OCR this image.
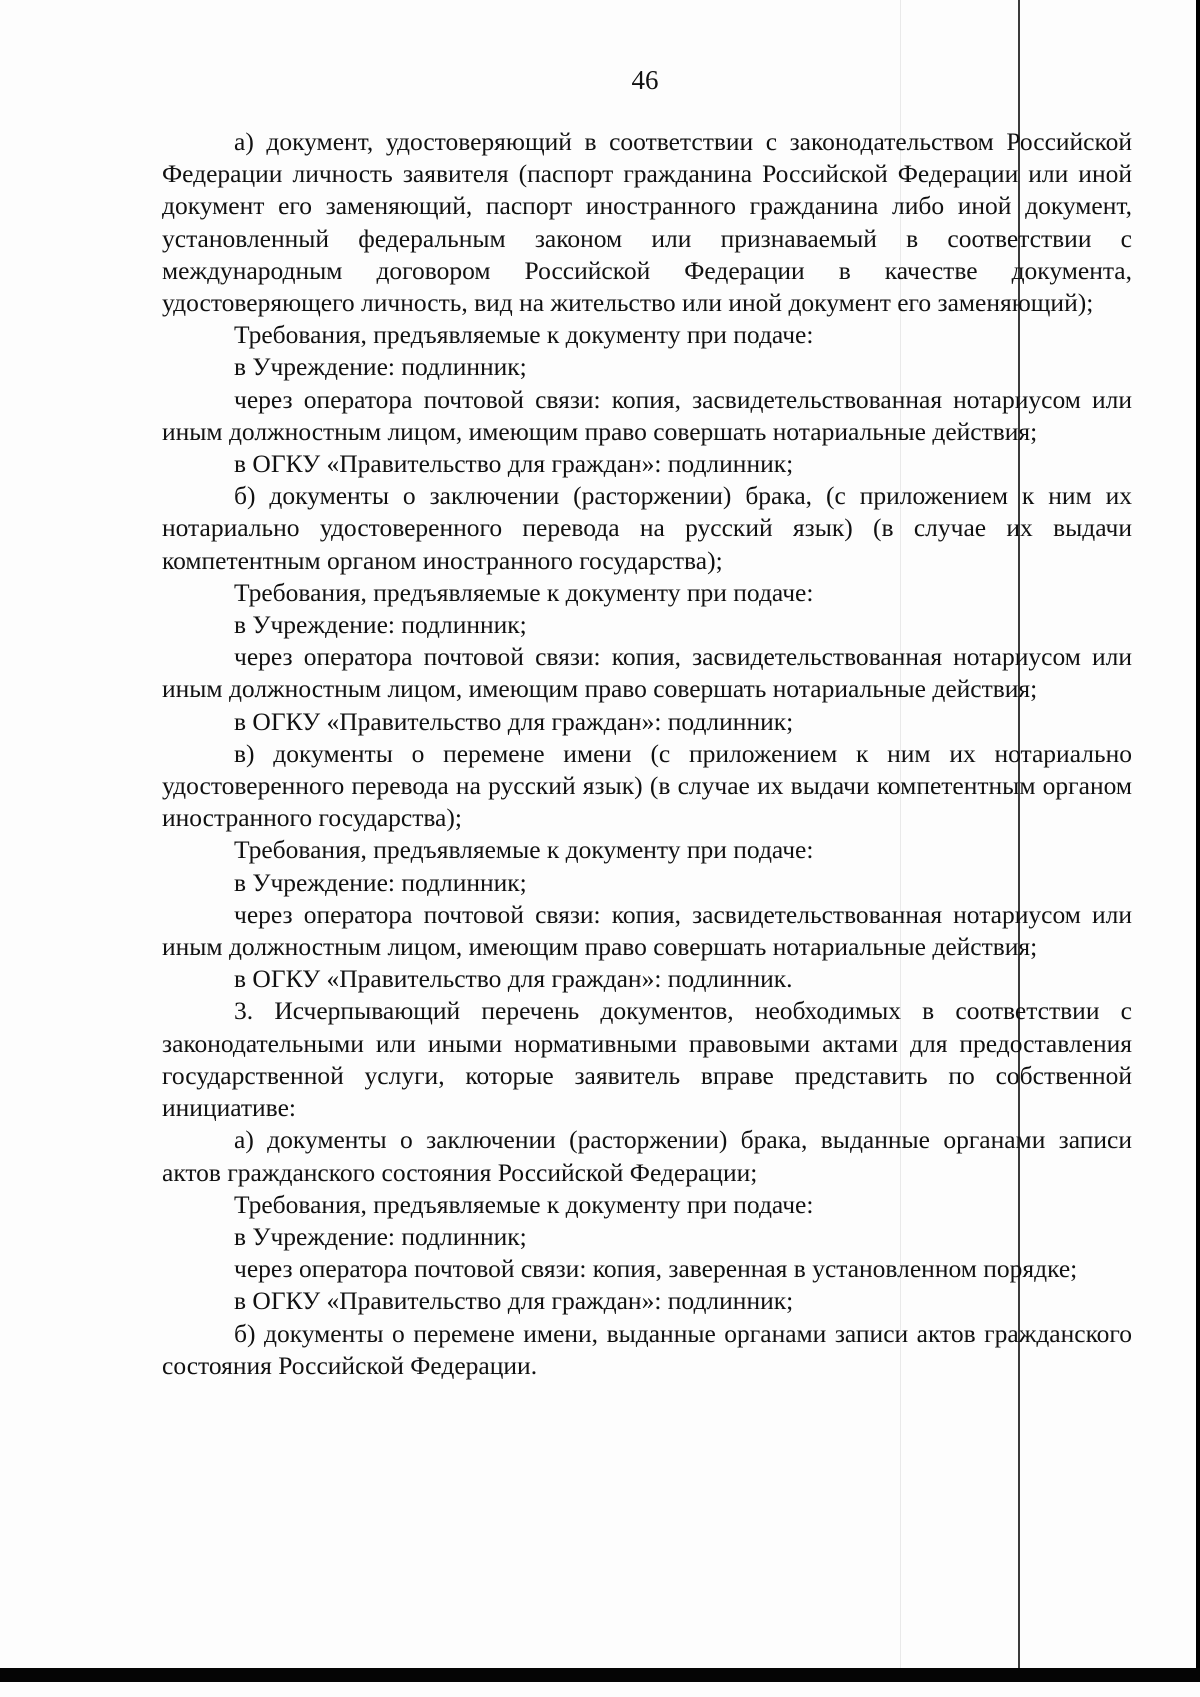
46

а) документ, удостоверяющий в соответствии с законодательством Российской Федерации личность заявителя (паспорт гражданина Российской Федерации или иной документ его заменяющий, паспорт иностранного гражданина либо иной документ, установленный федеральным законом или признаваемый в соответствии с международным договором Российской Федерации в качестве документа, удостоверяющего личность, вид на жительство или иной документ его заменяющий);

Требования, предъявляемые к документу при подаче:

в Учреждение: подлинник;

через оператора почтовой связи: копия, засвидетельствованная нотариусом или иным должностным лицом, имеющим право совершать нотариальные действия;

в ОГКУ «Правительство для граждан»: подлинник;

б) документы о заключении (расторжении) брака, (с приложением к ним их нотариально удостоверенного перевода на русский язык) (в случае их выдачи компетентным органом иностранного государства);

Требования, предъявляемые к документу при подаче:

в Учреждение: подлинник;

через оператора почтовой связи: копия, засвидетельствованная нотариусом или иным должностным лицом, имеющим право совершать нотариальные действия;

в ОГКУ «Правительство для граждан»: подлинник;

в) документы о перемене имени (с приложением к ним их нотариально удостоверенного перевода на русский язык) (в случае их выдачи компетентным органом иностранного государства);

Требования, предъявляемые к документу при подаче:

в Учреждение: подлинник;

через оператора почтовой связи: копия, засвидетельствованная нотариусом или иным должностным лицом, имеющим право совершать нотариальные действия;

в ОГКУ «Правительство для граждан»: подлинник.

3. Исчерпывающий перечень документов, необходимых в соответствии с законодательными или иными нормативными правовыми актами для предоставления государственной услуги, которые заявитель вправе представить по собственной инициативе:

а) документы о заключении (расторжении) брака, выданные органами записи актов гражданского состояния Российской Федерации;

Требования, предъявляемые к документу при подаче:

в Учреждение: подлинник;

через оператора почтовой связи: копия, заверенная в установленном порядке;

в ОГКУ «Правительство для граждан»: подлинник;

б) документы о перемене имени, выданные органами записи актов гражданского состояния Российской Федерации.
